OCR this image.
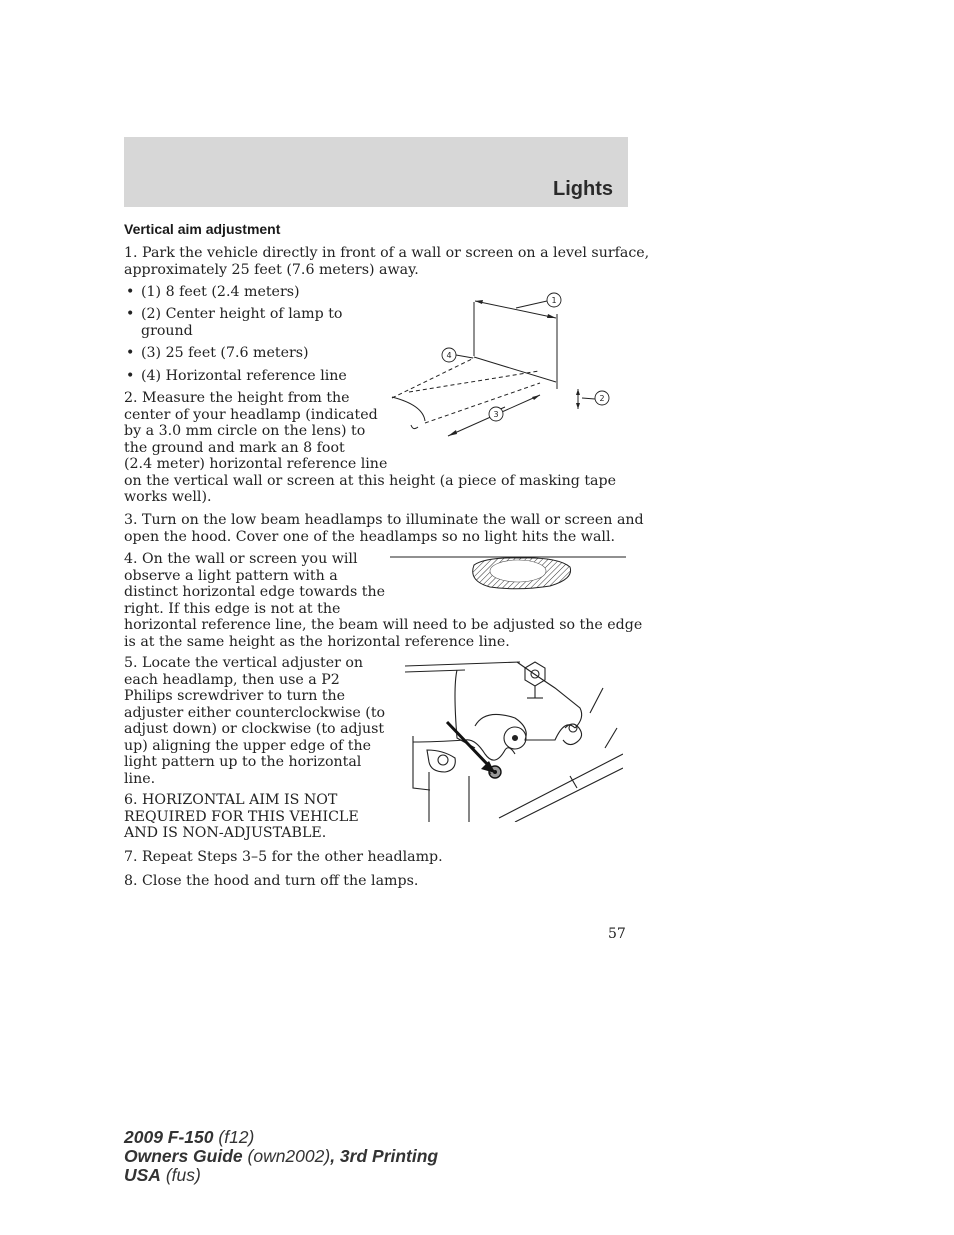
Lights
Vertical aim adjustment
1. Park the vehicle directly in front of a wall or screen on a level surface,
approximately 25 feet (7.6 meters) away.
• (1) 8 feet (2.4 meters)
• (2) Center height of lamp to
ground
• (3) 25 feet (7.6 meters)
• (4) Horizontal reference line
1
2
3
4
2. Measure the height from the
center of your headlamp (indicated
by a 3.0 mm circle on the lens) to
the ground and mark an 8 foot
(2.4 meter) horizontal reference line
on the vertical wall or screen at this height (a piece of masking tape
works well).
3. Turn on the low beam headlamps to illuminate the wall or screen and
open the hood. Cover one of the headlamps so no light hits the wall.
4. On the wall or screen you will
observe a light pattern with a
distinct horizontal edge towards the
right. If this edge is not at the
horizontal reference line, the beam will need to be adjusted so the edge
is at the same height as the horizontal reference line.
5. Locate the vertical adjuster on
each headlamp, then use a P2
Philips screwdriver to turn the
adjuster either counterclockwise (to
adjust down) or clockwise (to adjust
up) aligning the upper edge of the
light pattern up to the horizontal
line.
6. HORIZONTAL AIM IS NOT
REQUIRED FOR THIS VEHICLE
AND IS NON-ADJUSTABLE.
7. Repeat Steps 3–5 for the other headlamp.
8. Close the hood and turn off the lamps.
57
2009 F-150 (f12)
Owners Guide (own2002), 3rd Printing
USA (fus)
